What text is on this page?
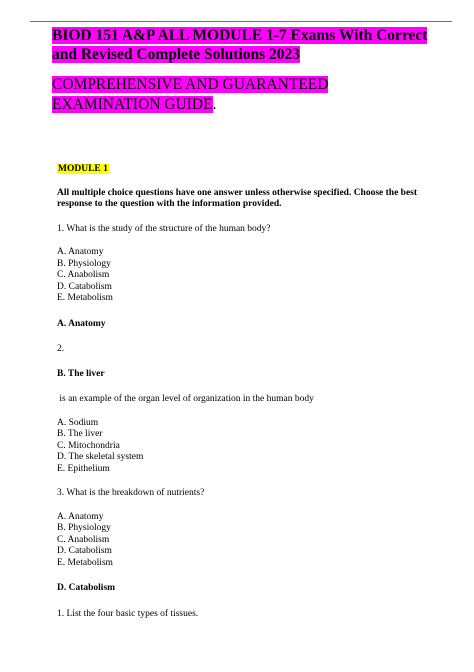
BIOD 151 A&P ALL MODULE 1-7 Exams With Correct and Revised Complete Solutions 2023
COMPREHENSIVE AND GUARANTEED
EXAMINATION GUIDE.

MODULE 1

All multiple choice questions have one answer unless otherwise specified. Choose the best response to the question with the information provided.

1. What is the study of the structure of the human body?

A. Anatomy

B. Physiology

C. Anabolism

D. Catabolism

E. Metabolism

A. Anatomy

2.

B. The liver

is an example of the organ level of organization in the human body

A. Sodium

B. The liver

C. Mitochondria

D. The skeletal system

E. Epithelium

3. What is the breakdown of nutrients?

A. Anatomy

B. Physiology

C. Anabolism

D. Catabolism

E. Metabolism

D. Catabolism

1. List the four basic types of tissues.
